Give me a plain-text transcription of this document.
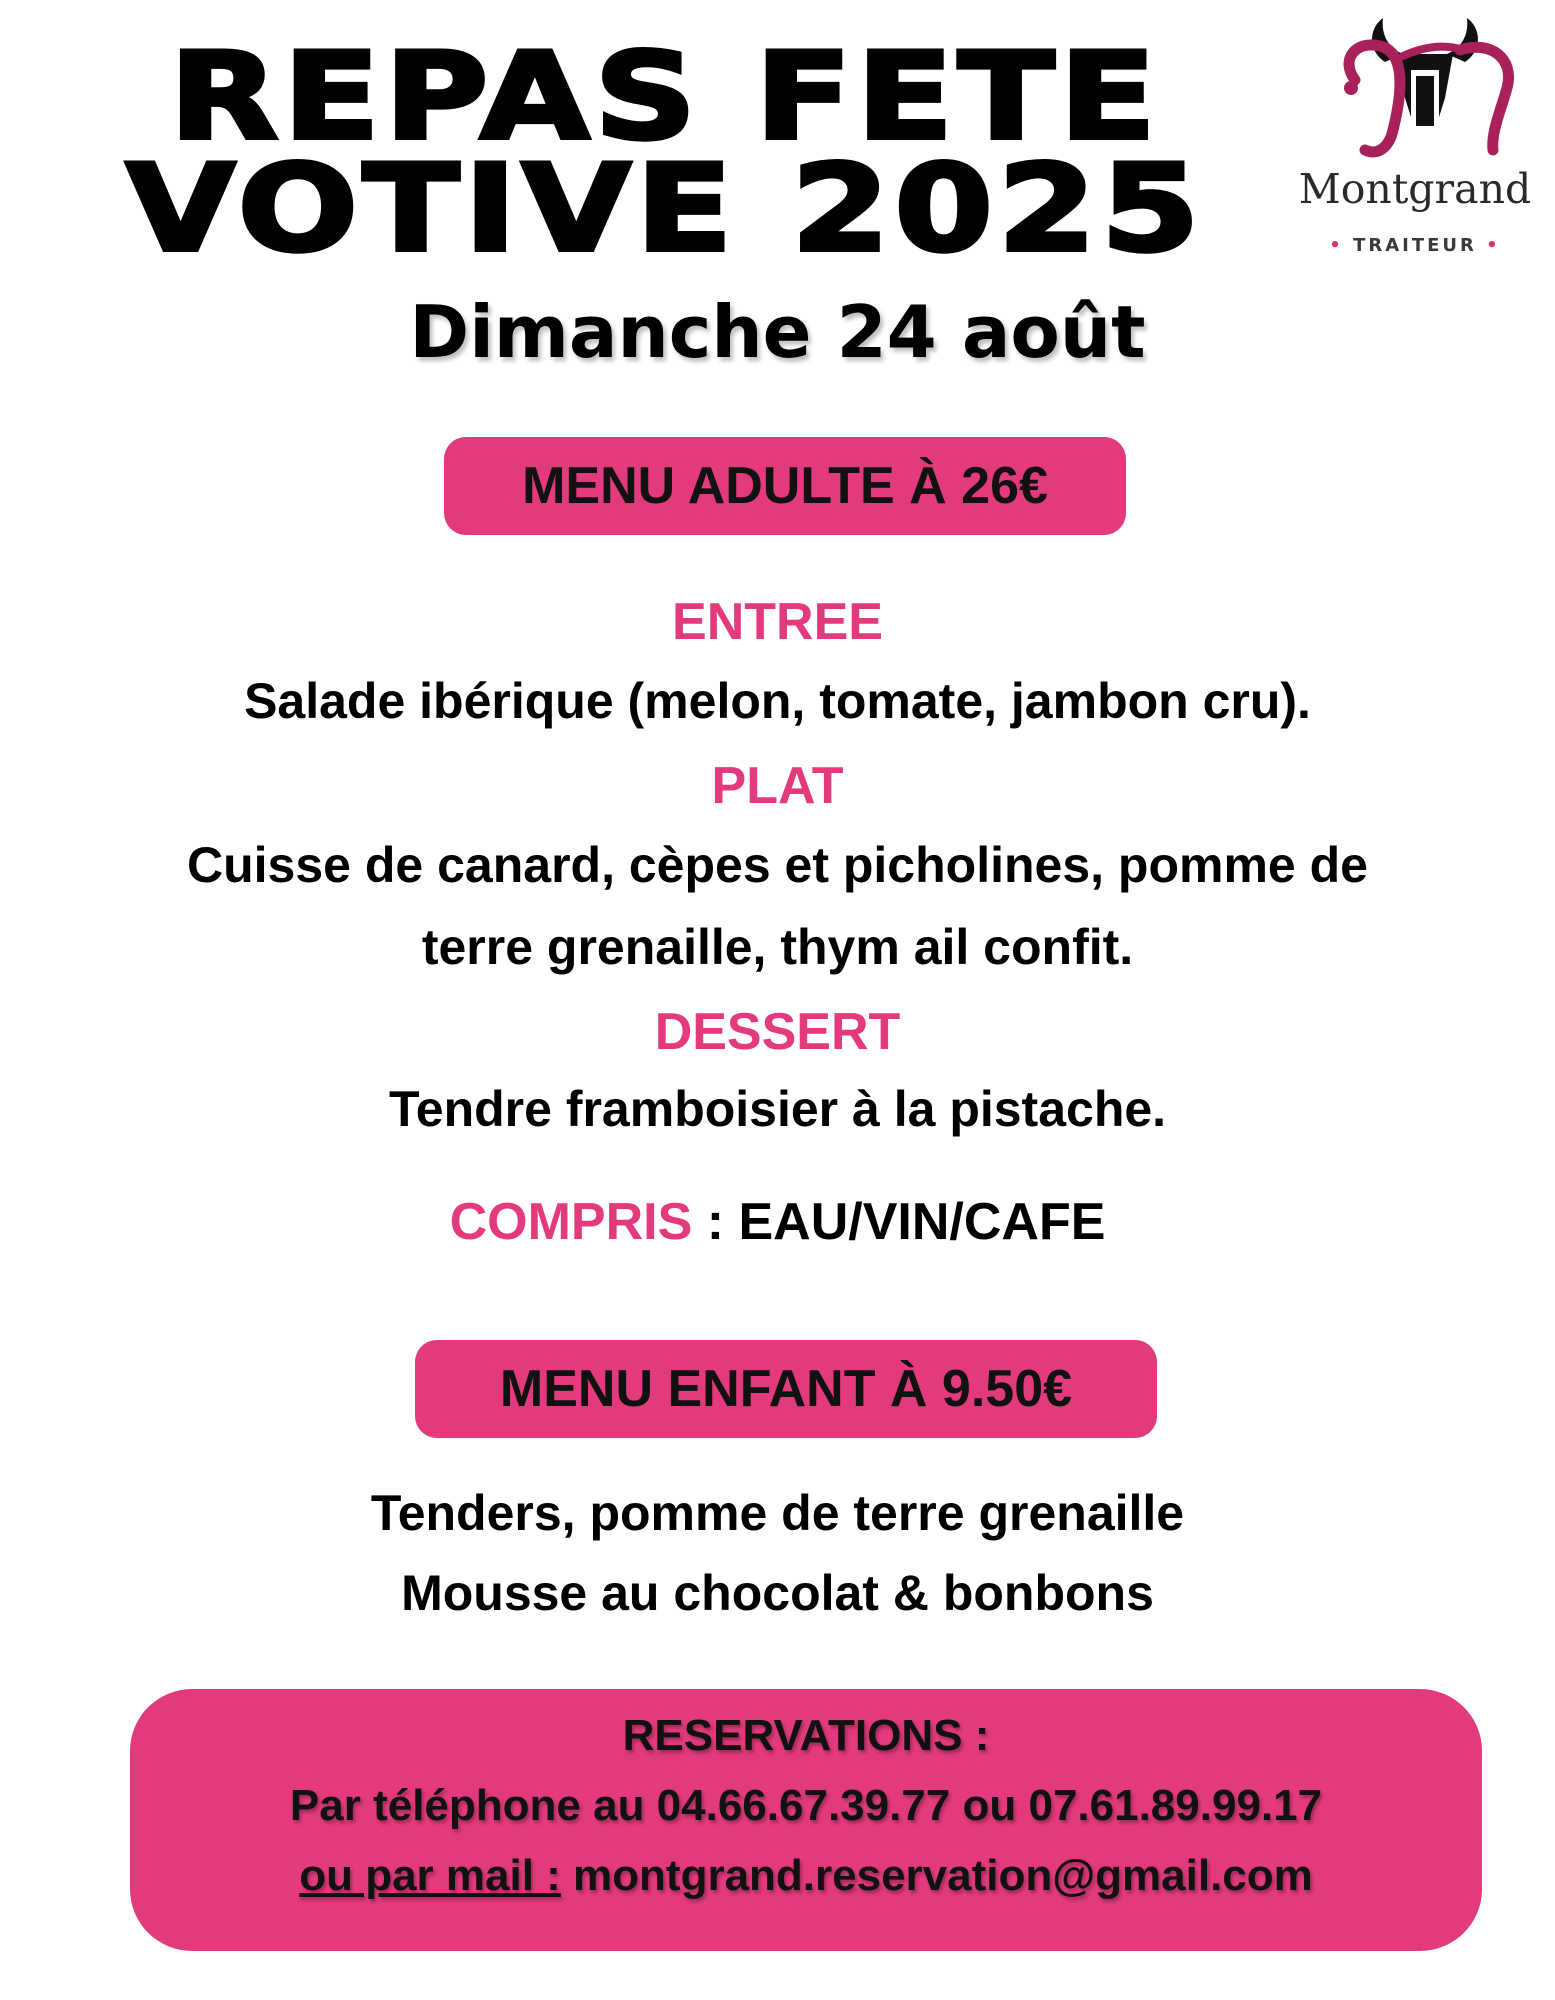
REPAS FETE
VOTIVE 2025
Dimanche 24 août
Montgrand
• TRAITEUR •
MENU ADULTE À 26€
ENTREE
Salade ibérique (melon, tomate, jambon cru).
PLAT
Cuisse de canard, cèpes et picholines, pomme de
terre grenaille, thym ail confit.
DESSERT
Tendre framboisier à la pistache.
COMPRIS : EAU/VIN/CAFE
MENU ENFANT À 9.50€
Tenders, pomme de terre grenaille
Mousse au chocolat & bonbons
RESERVATIONS :
Par téléphone au 04.66.67.39.77 ou 07.61.89.99.17
ou par mail : montgrand.reservation@gmail.com
